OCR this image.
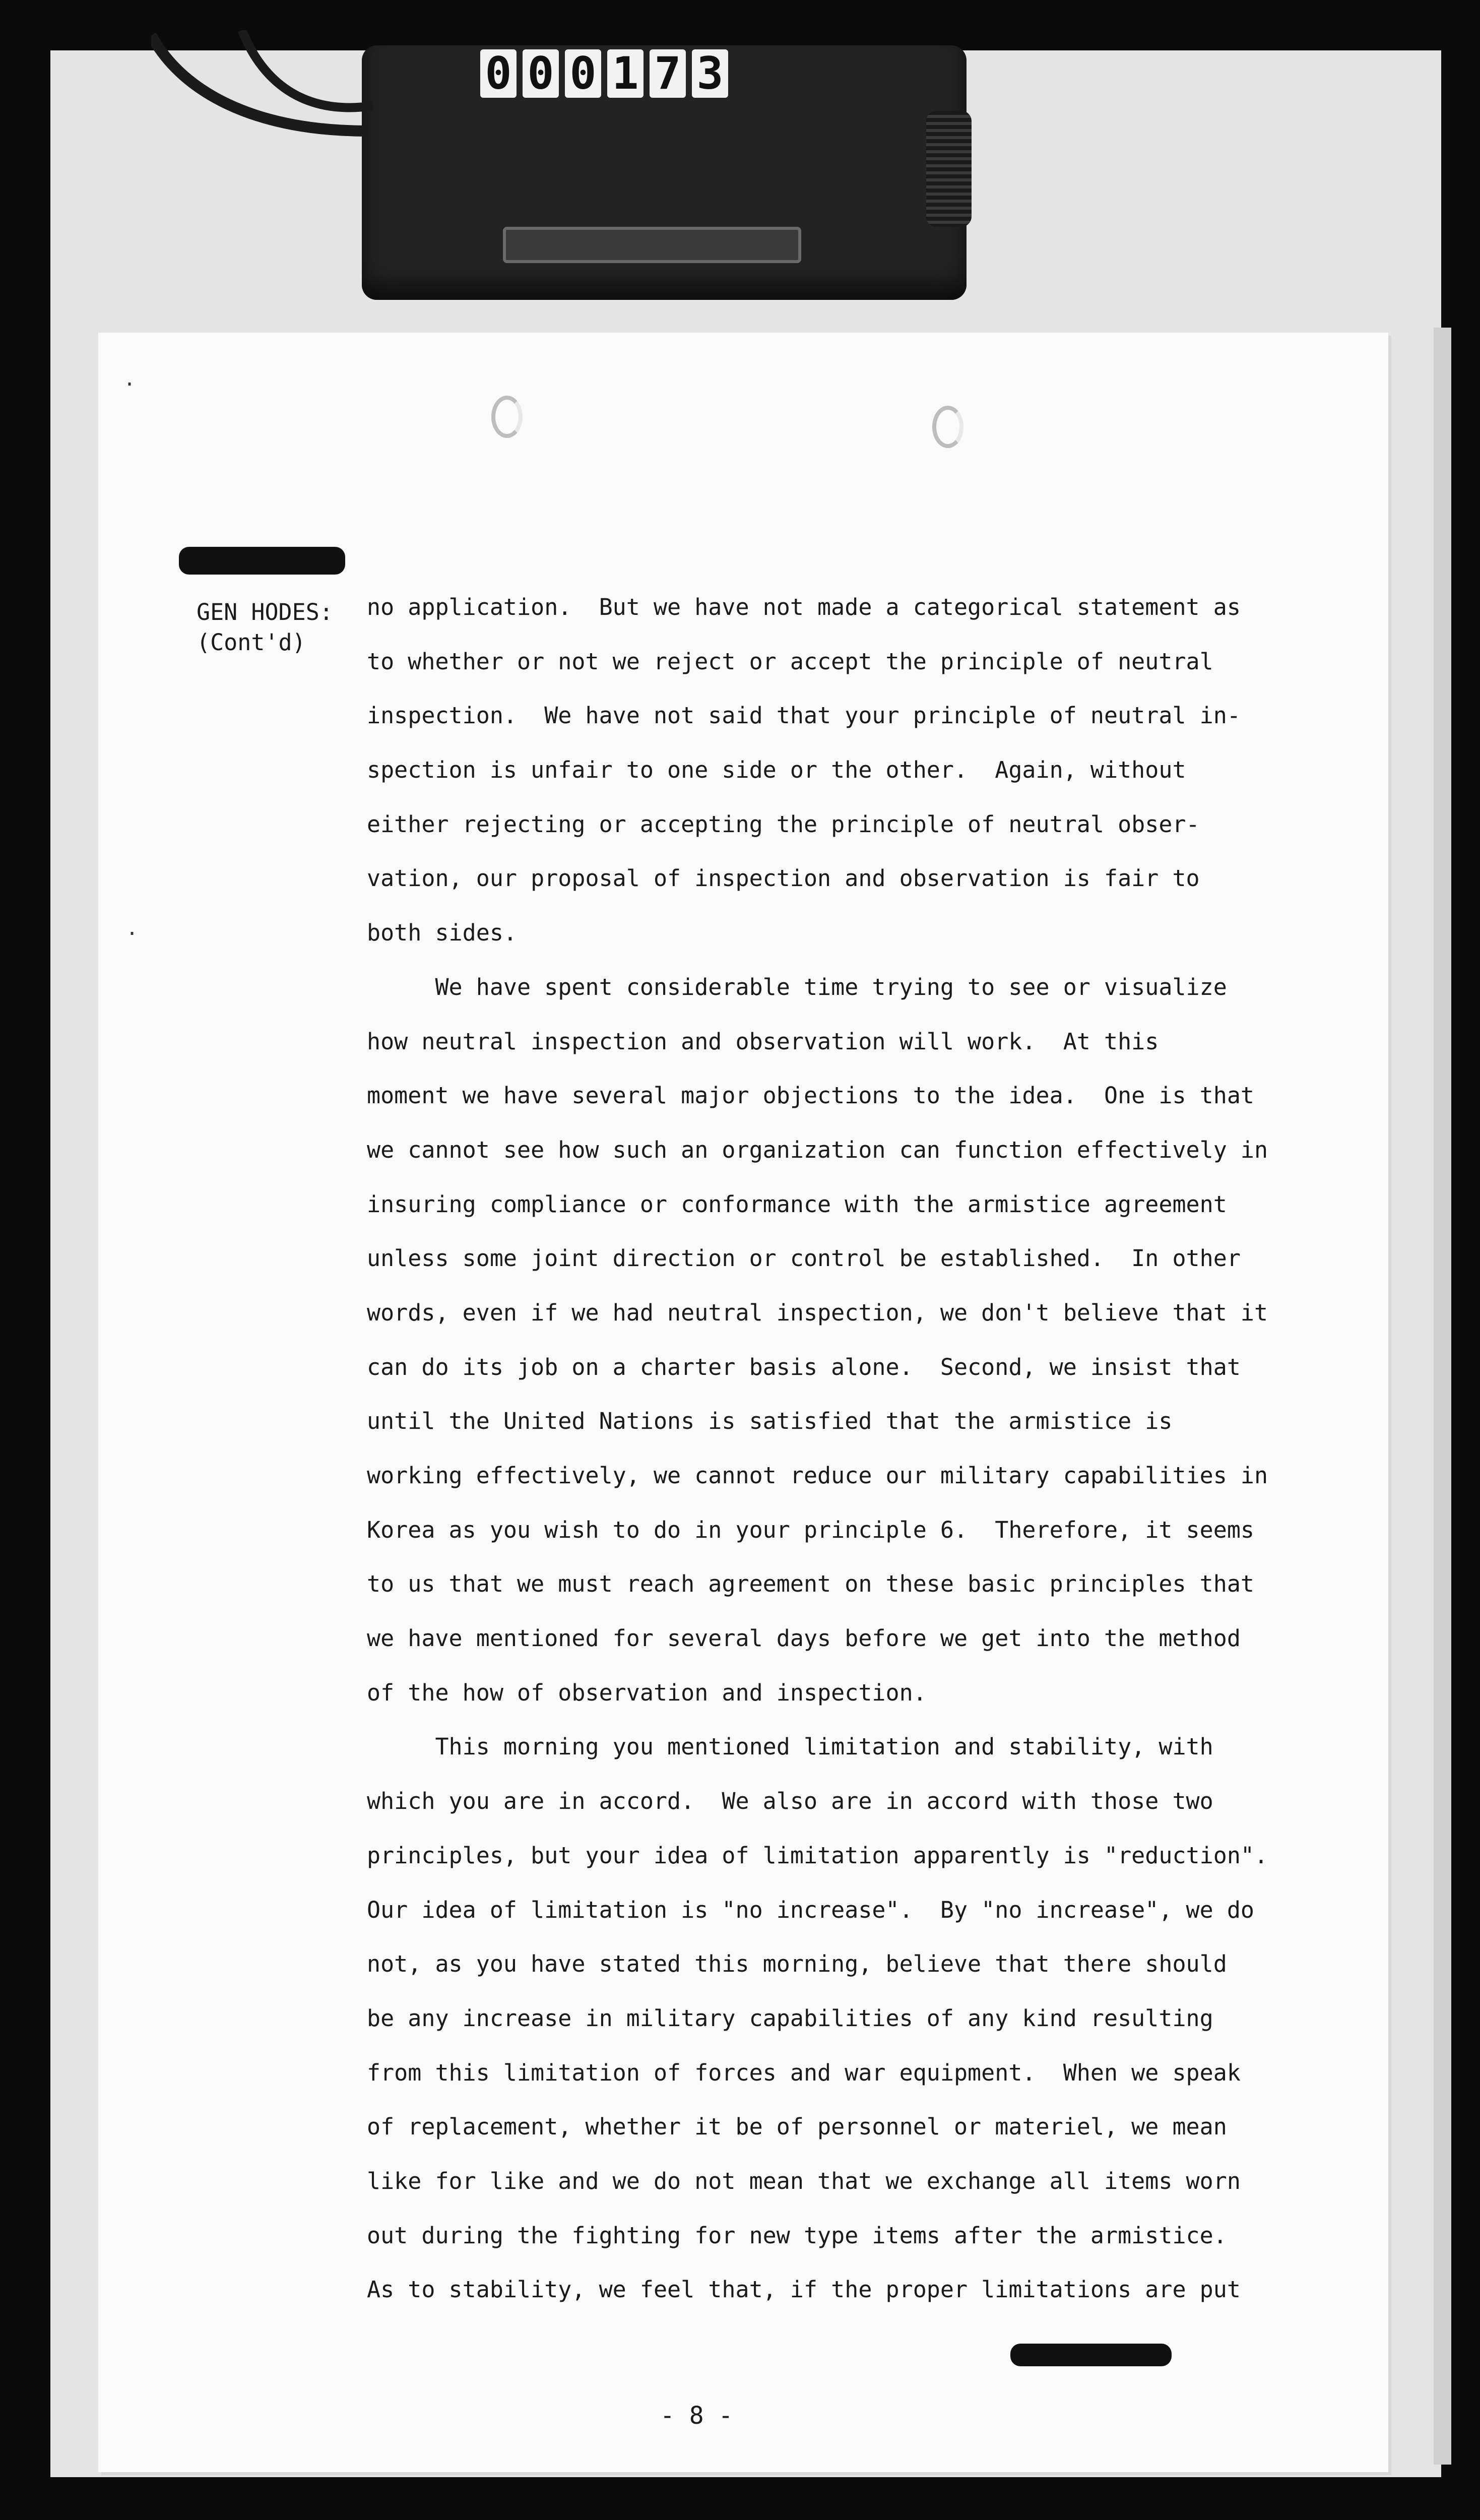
0 0 0 1 7 3
·
·
GEN HODES:
(Cont'd)
no application.  But we have not made a categorical statement as
to whether or not we reject or accept the principle of neutral
inspection.  We have not said that your principle of neutral in-
spection is unfair to one side or the other.  Again, without
either rejecting or accepting the principle of neutral obser-
vation, our proposal of inspection and observation is fair to
both sides.
We have spent considerable time trying to see or visualize
how neutral inspection and observation will work.  At this
moment we have several major objections to the idea.  One is that
we cannot see how such an organization can function effectively in
insuring compliance or conformance with the armistice agreement
unless some joint direction or control be established.  In other
words, even if we had neutral inspection, we don't believe that it
can do its job on a charter basis alone.  Second, we insist that
until the United Nations is satisfied that the armistice is
working effectively, we cannot reduce our military capabilities in
Korea as you wish to do in your principle 6.  Therefore, it seems
to us that we must reach agreement on these basic principles that
we have mentioned for several days before we get into the method
of the how of observation and inspection.
This morning you mentioned limitation and stability, with
which you are in accord.  We also are in accord with those two
principles, but your idea of limitation apparently is "reduction".
Our idea of limitation is "no increase".  By "no increase", we do
not, as you have stated this morning, believe that there should
be any increase in military capabilities of any kind resulting
from this limitation of forces and war equipment.  When we speak
of replacement, whether it be of personnel or materiel, we mean
like for like and we do not mean that we exchange all items worn
out during the fighting for new type items after the armistice.
As to stability, we feel that, if the proper limitations are put
- 8 -
